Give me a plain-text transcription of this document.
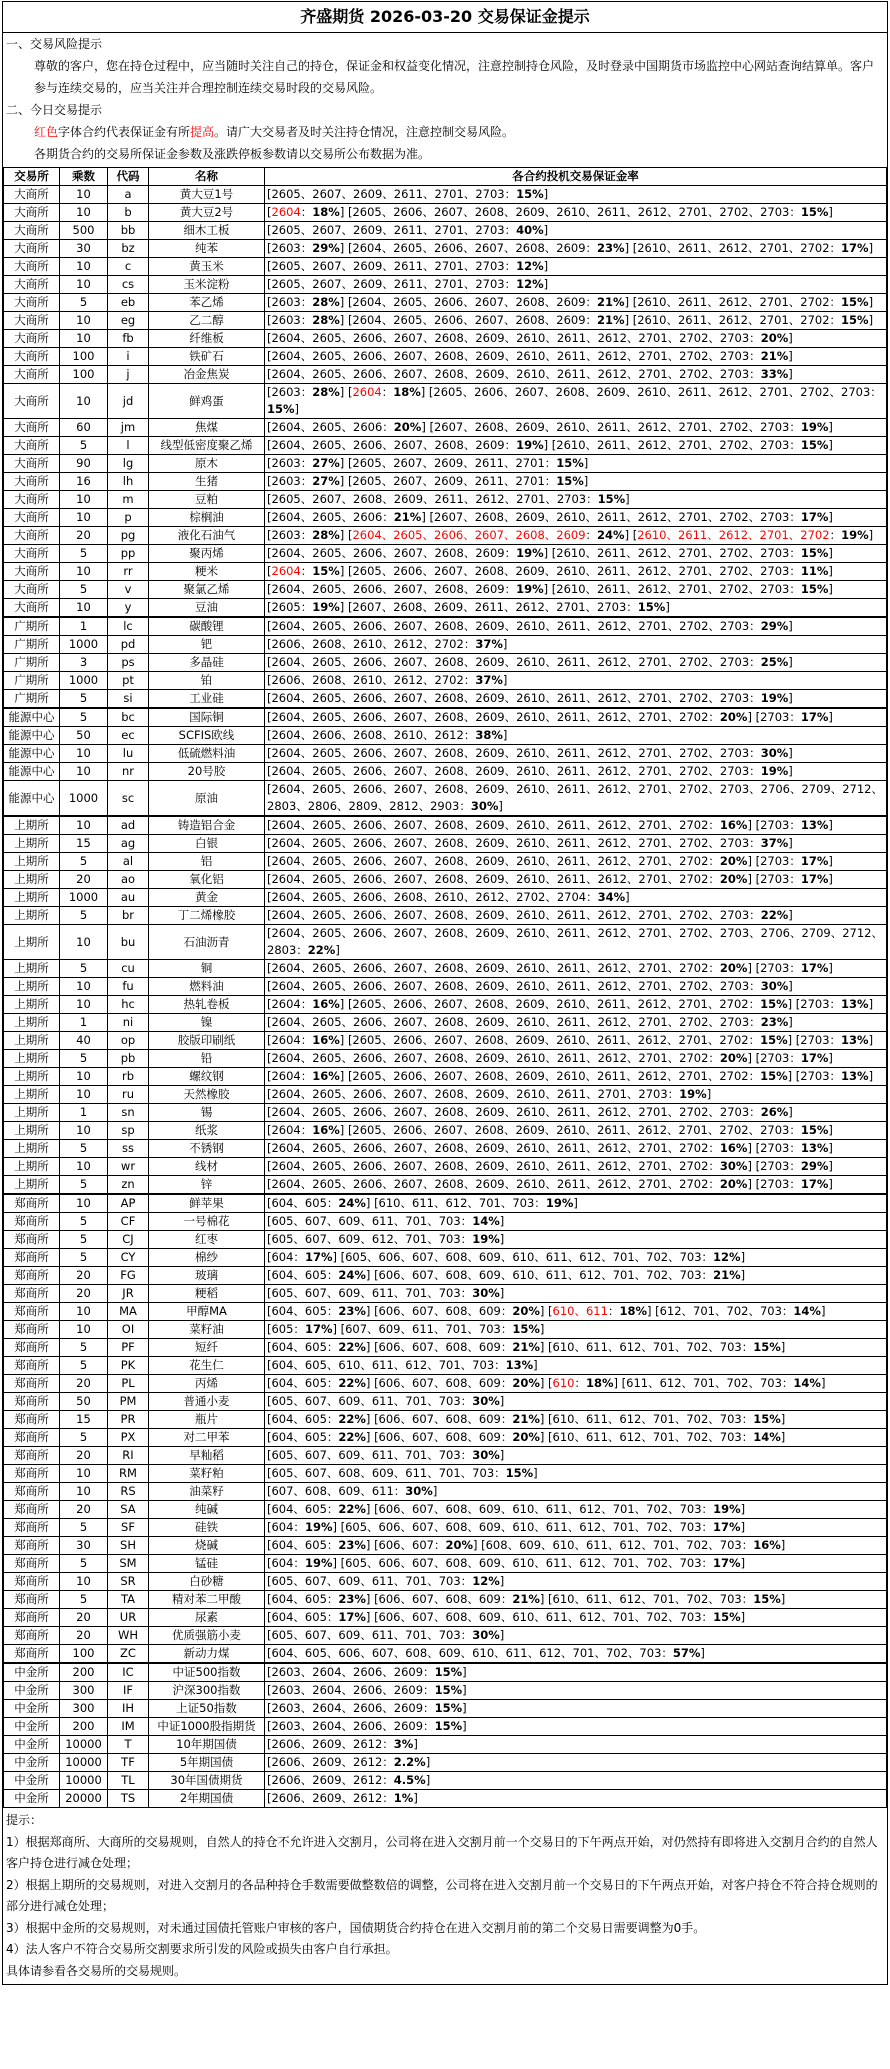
齐盛期货 2026-03-20 交易保证金提示

一、交易风险提示

尊敬的客户，您在持仓过程中，应当随时关注自己的持仓，保证金和权益变化情况，注意控制持仓风险，及时登录中国期货市场监控中心网站查询结算单。客户参与连续交易的，应当关注并合理控制连续交易时段的交易风险。

二、今日交易提示

红色字体合约代表保证金有所提高。请广大交易者及时关注持仓情况，注意控制交易风险。

各期货合约的交易所保证金参数及涨跌停板参数请以交易所公布数据为准。

交易所	乘数	代码	名称	各合约投机交易保证金率
大商所	10	a	黄大豆1号	[2605、2607、2609、2611、2701、2703：15%]
大商所	10	b	黄大豆2号	[2604：18%] [2605、2606、2607、2608、2609、2610、2611、2612、2701、2702、2703：15%]
大商所	500	bb	细木工板	[2605、2607、2609、2611、2701、2703：40%]
大商所	30	bz	纯苯	[2603：29%] [2604、2605、2606、2607、2608、2609：23%] [2610、2611、2612、2701、2702：17%]
大商所	10	c	黄玉米	[2605、2607、2609、2611、2701、2703：12%]
大商所	10	cs	玉米淀粉	[2605、2607、2609、2611、2701、2703：12%]
大商所	5	eb	苯乙烯	[2603：28%] [2604、2605、2606、2607、2608、2609：21%] [2610、2611、2612、2701、2702：15%]
大商所	10	eg	乙二醇	[2603：28%] [2604、2605、2606、2607、2608、2609：21%] [2610、2611、2612、2701、2702：15%]
大商所	10	fb	纤维板	[2604、2605、2606、2607、2608、2609、2610、2611、2612、2701、2702、2703：20%]
大商所	100	i	铁矿石	[2604、2605、2606、2607、2608、2609、2610、2611、2612、2701、2702、2703：21%]
大商所	100	j	冶金焦炭	[2604、2605、2606、2607、2608、2609、2610、2611、2612、2701、2702、2703：33%]
大商所	10	jd	鲜鸡蛋	[2603：28%] [2604：18%] [2605、2606、2607、2608、2609、2610、2611、2612、2701、2702、2703：15%]
大商所	60	jm	焦煤	[2604、2605、2606：20%] [2607、2608、2609、2610、2611、2612、2701、2702、2703：19%]
大商所	5	l	线型低密度聚乙烯	[2604、2605、2606、2607、2608、2609：19%] [2610、2611、2612、2701、2702、2703：15%]
大商所	90	lg	原木	[2603：27%] [2605、2607、2609、2611、2701：15%]
大商所	16	lh	生猪	[2603：27%] [2605、2607、2609、2611、2701：15%]
大商所	10	m	豆粕	[2605、2607、2608、2609、2611、2612、2701、2703：15%]
大商所	10	p	棕榈油	[2604、2605、2606：21%] [2607、2608、2609、2610、2611、2612、2701、2702、2703：17%]
大商所	20	pg	液化石油气	[2603：28%] [2604、2605、2606、2607、2608、2609：24%] [2610、2611、2612、2701、2702：19%]
大商所	5	pp	聚丙烯	[2604、2605、2606、2607、2608、2609：19%] [2610、2611、2612、2701、2702、2703：15%]
大商所	10	rr	粳米	[2604：15%] [2605、2606、2607、2608、2609、2610、2611、2612、2701、2702、2703：11%]
大商所	5	v	聚氯乙烯	[2604、2605、2606、2607、2608、2609：19%] [2610、2611、2612、2701、2702、2703：15%]
大商所	10	y	豆油	[2605：19%] [2607、2608、2609、2611、2612、2701、2703：15%]
广期所	1	lc	碳酸锂	[2604、2605、2606、2607、2608、2609、2610、2611、2612、2701、2702、2703：29%]
广期所	1000	pd	钯	[2606、2608、2610、2612、2702：37%]
广期所	3	ps	多晶硅	[2604、2605、2606、2607、2608、2609、2610、2611、2612、2701、2702、2703：25%]
广期所	1000	pt	铂	[2606、2608、2610、2612、2702：37%]
广期所	5	si	工业硅	[2604、2605、2606、2607、2608、2609、2610、2611、2612、2701、2702、2703：19%]
能源中心	5	bc	国际铜	[2604、2605、2606、2607、2608、2609、2610、2611、2612、2701、2702：20%] [2703：17%]
能源中心	50	ec	SCFIS欧线	[2604、2606、2608、2610、2612：38%]
能源中心	10	lu	低硫燃料油	[2604、2605、2606、2607、2608、2609、2610、2611、2612、2701、2702、2703：30%]
能源中心	10	nr	20号胶	[2604、2605、2606、2607、2608、2609、2610、2611、2612、2701、2702、2703：19%]
能源中心	1000	sc	原油	[2604、2605、2606、2607、2608、2609、2610、2611、2612、2701、2702、2703、2706、2709、2712、2803、2806、2809、2812、2903：30%]
上期所	10	ad	铸造铝合金	[2604、2605、2606、2607、2608、2609、2610、2611、2612、2701、2702：16%] [2703：13%]
上期所	15	ag	白银	[2604、2605、2606、2607、2608、2609、2610、2611、2612、2701、2702、2703：37%]
上期所	5	al	铝	[2604、2605、2606、2607、2608、2609、2610、2611、2612、2701、2702：20%] [2703：17%]
上期所	20	ao	氧化铝	[2604、2605、2606、2607、2608、2609、2610、2611、2612、2701、2702：20%] [2703：17%]
上期所	1000	au	黄金	[2604、2605、2606、2608、2610、2612、2702、2704：34%]
上期所	5	br	丁二烯橡胶	[2604、2605、2606、2607、2608、2609、2610、2611、2612、2701、2702、2703：22%]
上期所	10	bu	石油沥青	[2604、2605、2606、2607、2608、2609、2610、2611、2612、2701、2702、2703、2706、2709、2712、2803：22%]
上期所	5	cu	铜	[2604、2605、2606、2607、2608、2609、2610、2611、2612、2701、2702：20%] [2703：17%]
上期所	10	fu	燃料油	[2604、2605、2606、2607、2608、2609、2610、2611、2612、2701、2702、2703：30%]
上期所	10	hc	热轧卷板	[2604：16%] [2605、2606、2607、2608、2609、2610、2611、2612、2701、2702：15%] [2703：13%]
上期所	1	ni	镍	[2604、2605、2606、2607、2608、2609、2610、2611、2612、2701、2702、2703：23%]
上期所	40	op	胶版印刷纸	[2604：16%] [2605、2606、2607、2608、2609、2610、2611、2612、2701、2702：15%] [2703：13%]
上期所	5	pb	铅	[2604、2605、2606、2607、2608、2609、2610、2611、2612、2701、2702：20%] [2703：17%]
上期所	10	rb	螺纹钢	[2604：16%] [2605、2606、2607、2608、2609、2610、2611、2612、2701、2702：15%] [2703：13%]
上期所	10	ru	天然橡胶	[2604、2605、2606、2607、2608、2609、2610、2611、2701、2703：19%]
上期所	1	sn	锡	[2604、2605、2606、2607、2608、2609、2610、2611、2612、2701、2702、2703：26%]
上期所	10	sp	纸浆	[2604：16%] [2605、2606、2607、2608、2609、2610、2611、2612、2701、2702、2703：15%]
上期所	5	ss	不锈钢	[2604、2605、2606、2607、2608、2609、2610、2611、2612、2701、2702：16%] [2703：13%]
上期所	10	wr	线材	[2604、2605、2606、2607、2608、2609、2610、2611、2612、2701、2702：30%] [2703：29%]
上期所	5	zn	锌	[2604、2605、2606、2607、2608、2609、2610、2611、2612、2701、2702：20%] [2703：17%]
郑商所	10	AP	鲜苹果	[604、605：24%] [610、611、612、701、703：19%]
郑商所	5	CF	一号棉花	[605、607、609、611、701、703：14%]
郑商所	5	CJ	红枣	[605、607、609、612、701、703：19%]
郑商所	5	CY	棉纱	[604：17%] [605、606、607、608、609、610、611、612、701、702、703：12%]
郑商所	20	FG	玻璃	[604、605：24%] [606、607、608、609、610、611、612、701、702、703：21%]
郑商所	20	JR	粳稻	[605、607、609、611、701、703：30%]
郑商所	10	MA	甲醇MA	[604、605：23%] [606、607、608、609：20%] [610、611：18%] [612、701、702、703：14%]
郑商所	10	OI	菜籽油	[605：17%] [607、609、611、701、703：15%]
郑商所	5	PF	短纤	[604、605：22%] [606、607、608、609：21%] [610、611、612、701、702、703：15%]
郑商所	5	PK	花生仁	[604、605、610、611、612、701、703：13%]
郑商所	20	PL	丙烯	[604、605：22%] [606、607、608、609：20%] [610：18%] [611、612、701、702、703：14%]
郑商所	50	PM	普通小麦	[605、607、609、611、701、703：30%]
郑商所	15	PR	瓶片	[604、605：22%] [606、607、608、609：21%] [610、611、612、701、702、703：15%]
郑商所	5	PX	对二甲苯	[604、605：22%] [606、607、608、609：20%] [610、611、612、701、702、703：14%]
郑商所	20	RI	早籼稻	[605、607、609、611、701、703：30%]
郑商所	10	RM	菜籽粕	[605、607、608、609、611、701、703：15%]
郑商所	10	RS	油菜籽	[607、608、609、611：30%]
郑商所	20	SA	纯碱	[604、605：22%] [606、607、608、609、610、611、612、701、702、703：19%]
郑商所	5	SF	硅铁	[604：19%] [605、606、607、608、609、610、611、612、701、702、703：17%]
郑商所	30	SH	烧碱	[604、605：23%] [606、607：20%] [608、609、610、611、612、701、702、703：16%]
郑商所	5	SM	锰硅	[604：19%] [605、606、607、608、609、610、611、612、701、702、703：17%]
郑商所	10	SR	白砂糖	[605、607、609、611、701、703：12%]
郑商所	5	TA	精对苯二甲酸	[604、605：23%] [606、607、608、609：21%] [610、611、612、701、702、703：15%]
郑商所	20	UR	尿素	[604、605：17%] [606、607、608、609、610、611、612、701、702、703：15%]
郑商所	20	WH	优质强筋小麦	[605、607、609、611、701、703：30%]
郑商所	100	ZC	新动力煤	[604、605、606、607、608、609、610、611、612、701、702、703：57%]
中金所	200	IC	中证500指数	[2603、2604、2606、2609：15%]
中金所	300	IF	沪深300指数	[2603、2604、2606、2609：15%]
中金所	300	IH	上证50指数	[2603、2604、2606、2609：15%]
中金所	200	IM	中证1000股指期货	[2603、2604、2606、2609：15%]
中金所	10000	T	10年期国债	[2606、2609、2612：3%]
中金所	10000	TF	5年期国债	[2606、2609、2612：2.2%]
中金所	10000	TL	30年国债期货	[2606、2609、2612：4.5%]
中金所	20000	TS	2年期国债	[2606、2609、2612：1%]

提示：

1）根据郑商所、大商所的交易规则，自然人的持仓不允许进入交割月，公司将在进入交割月前一个交易日的下午两点开始，对仍然持有即将进入交割月合约的自然人客户持仓进行减仓处理；

2）根据上期所的交易规则，对进入交割月的各品种持仓手数需要做整数倍的调整，公司将在进入交割月前一个交易日的下午两点开始，对客户持仓不符合持仓规则的部分进行减仓处理；

3）根据中金所的交易规则，对未通过国债托管账户审核的客户，国债期货合约持仓在进入交割月前的第二个交易日需要调整为0手。

4）法人客户不符合交易所交割要求所引发的风险或损失由客户自行承担。

具体请参看各交易所的交易规则。
